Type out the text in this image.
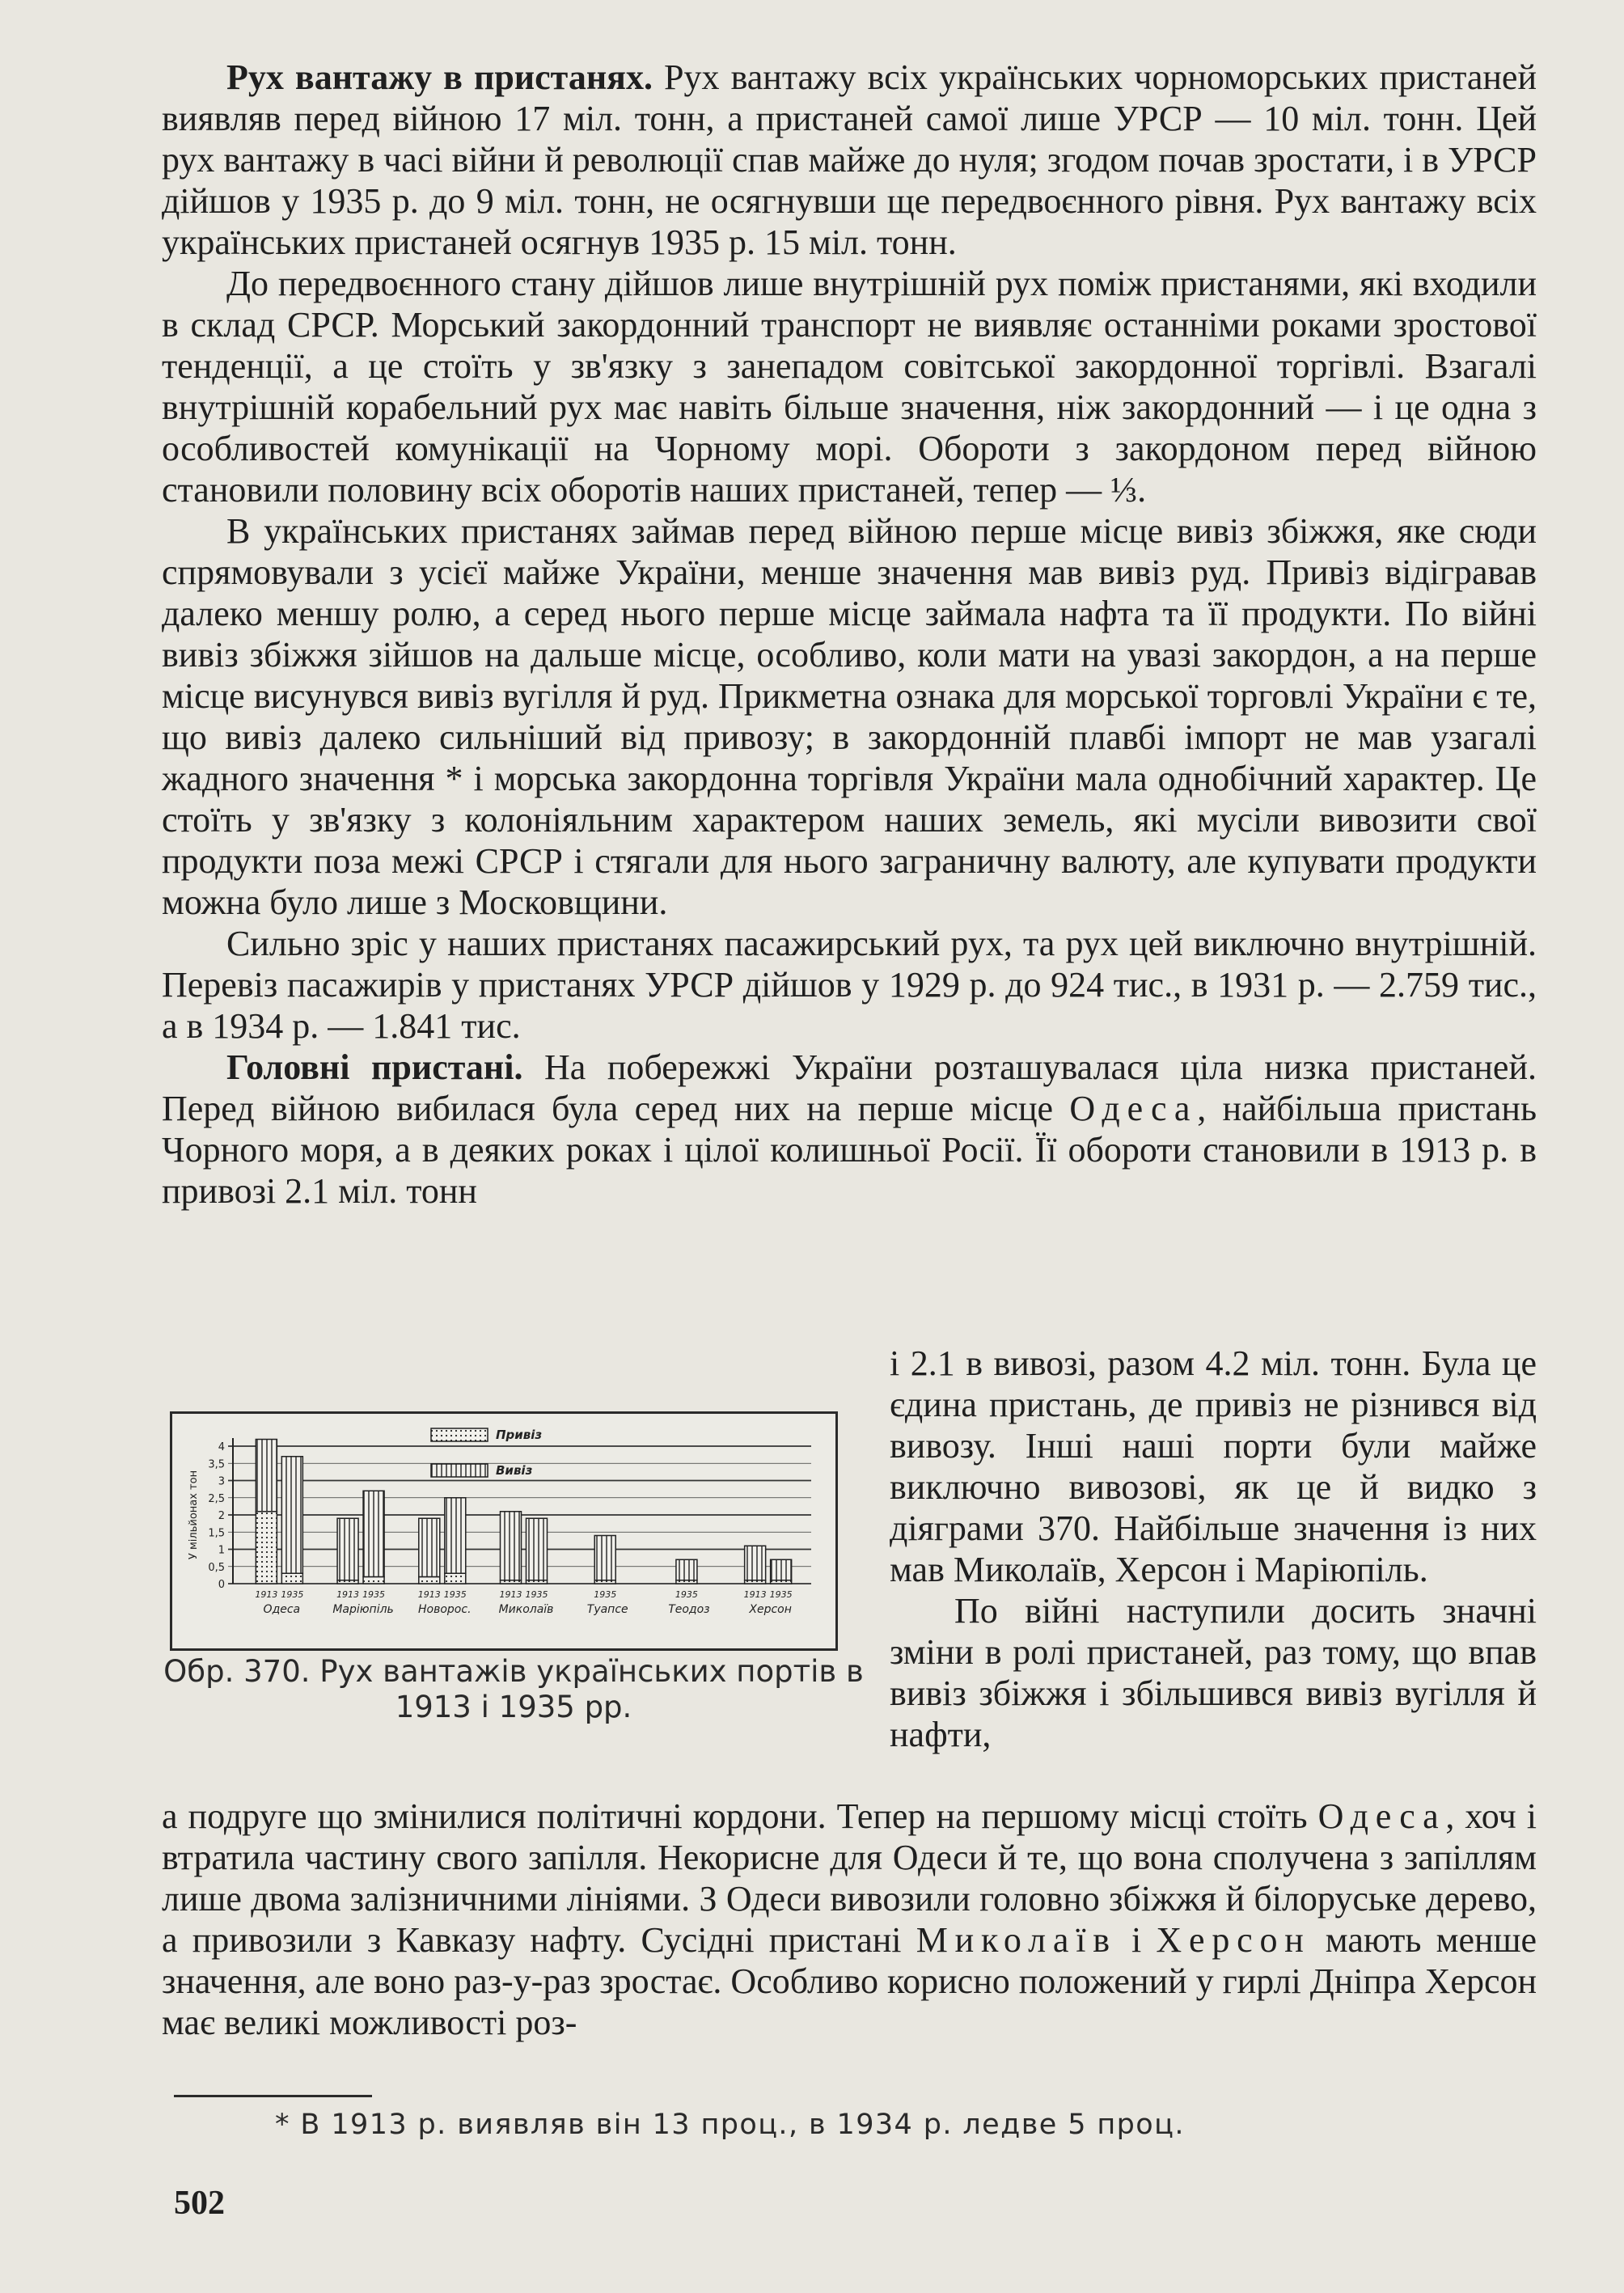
Рух вантажу в пристанях. Рух вантажу всіх українських чорноморських пристаней виявляв перед війною 17 міл. тонн, а пристаней самої лише УРСР — 10 міл. тонн. Цей рух вантажу в часі війни й революції спав майже до нуля; згодом почав зростати, і в УРСР дійшов у 1935 р. до 9 міл. тонн, не осягнувши ще передвоєнного рівня. Рух вантажу всіх українських пристаней осягнув 1935 р. 15 міл. тонн.

До передвоєнного стану дійшов лише внутрішній рух поміж пристанями, які входили в склад СРСР. Морський закордонний транспорт не виявляє останніми роками зростової тенденції, а це стоїть у зв'язку з занепадом совітської закордонної торгівлі. Взагалі внутрішній корабельний рух має навіть більше значення, ніж закордонний — і це одна з особливостей комунікації на Чорному морі. Обороти з закордоном перед війною становили половину всіх оборотів наших пристаней, тепер — ⅓.

В українських пристанях займав перед війною перше місце вивіз збіжжя, яке сюди спрямовували з усієї майже України, менше значення мав вивіз руд. Привіз відігравав далеко меншу ролю, а серед нього перше місце займала нафта та її продукти. По війні вивіз збіжжя зійшов на дальше місце, особливо, коли мати на увазі закордон, а на перше місце висунувся вивіз вугілля й руд. Прикметна ознака для морської торговлі України є те, що вивіз далеко сильніший від привозу; в закордонній плавбі імпорт не мав узагалі жадного значення * і морська закордонна торгівля України мала однобічний характер. Це стоїть у зв'язку з колоніяльним характером наших земель, які мусіли вивозити свої продукти поза межі СРСР і стягали для нього заграничну валюту, але купувати продукти можна було лише з Московщини.

Сильно зріс у наших пристанях пасажирський рух, та рух цей виключно внутрішній. Перевіз пасажирів у пристанях УРСР дійшов у 1929 р. до 924 тис., в 1931 р. — 2.759 тис., а в 1934 р. — 1.841 тис.

Головні пристані. На побережжі України розташувалася ціла низка пристаней. Перед війною вибилася була серед них на перше місце Одеса, найбільша пристань Чорного моря, а в деяких роках і цілої колишньої Росії. Її обороти становили в 1913 р. в привозі 2.1 міл. тонн

і 2.1 в вивозі, разом 4.2 міл. тонн. Була це єдина пристань, де привіз не різнився від вивозу. Інші наші порти були майже виключно вивозові, як це й видко з діяграми 370. Найбільше значення із них мав Миколаїв, Херсон і Маріюпіль.

По війні наступили досить значні зміни в ролі пристаней, раз тому, що впав вивіз збіжжя і збільшився вивіз вугілля й нафти,

0
0,5
1
1,5
2
2,5
3
3,5
4
У мільйонах тон
Привіз
Вивіз
1913 1935
Одеса
1913 1935
Маріюпіль
1913 1935
Новорос.
1913 1935
Миколаїв
1935
Туапсе
1935
Теодоз
1913 1935
Херсон
Обр. 370. Рух вантажів українських портів в 1913 і 1935 рр.

а подруге що змінилися політичні кордони. Тепер на першому місці стоїть Одеса, хоч і втратила частину свого запілля. Некорисне для Одеси й те, що вона сполучена з запіллям лише двома залізничними лініями. З Одеси вивозили головно збіжжя й білоруське дерево, а привозили з Кавказу нафту. Сусідні пристані Миколаїв і Херсон мають менше значення, але воно раз-у-раз зростає. Особливо корисно положений у гирлі Дніпра Херсон має великі можливості роз-

* В 1913 р. виявляв він 13 проц., в 1934 р. ледве 5 проц.
502
